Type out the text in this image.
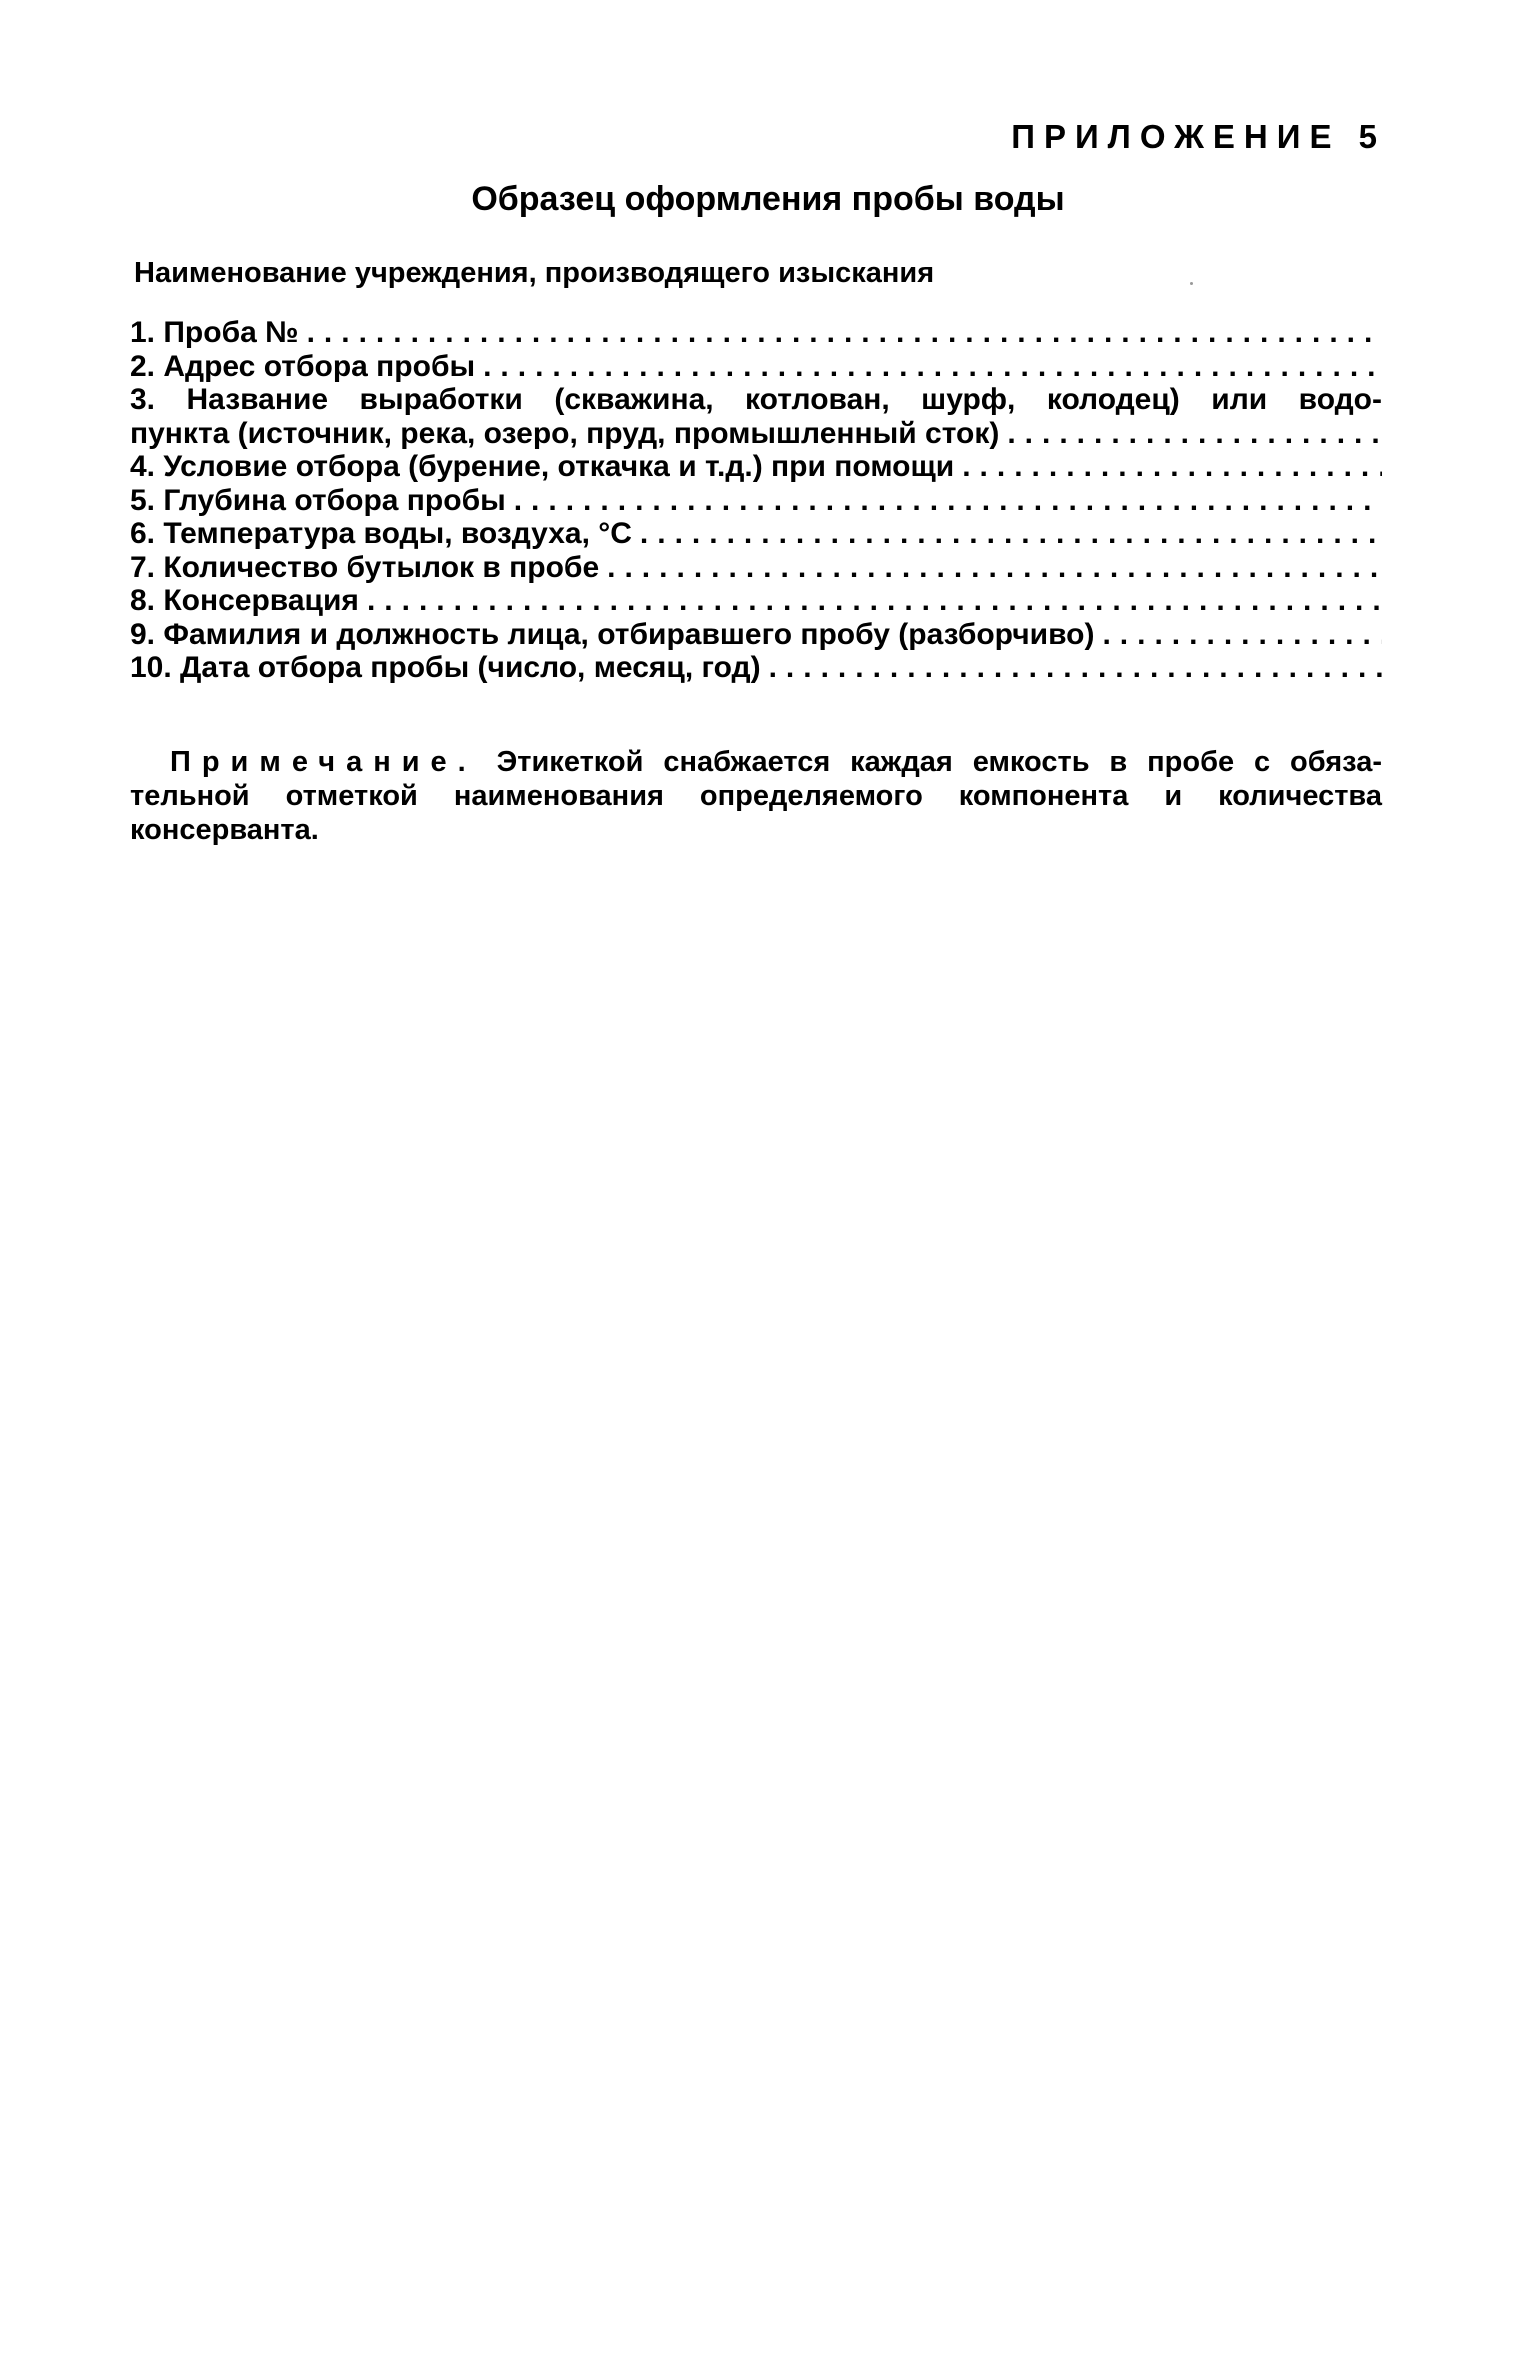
ПРИЛОЖЕНИЕ 5
Образец оформления пробы воды
Наименование учреждения, производящего изыскания
1. Проба №
.....
2. Адрес отбора пробы
.....
3. Название выработки (скважина, котлован, шурф, колодец) или водо-
пункта (источник, река, озеро, пруд, промышленный сток)
.....
4. Условие отбора (бурение, откачка и т.д.) при помощи
.....
5. Глубина отбора пробы
.....
6. Температура воды, воздуха, °С
.....
7. Количество бутылок в пробе
.....
8. Консервация
.....
9. Фамилия и должность лица, отбиравшего пробу (разборчиво)
.....
10. Дата отбора пробы (число, месяц, год)
.....
Примечание. Этикеткой снабжается каждая емкость в пробе с обяза-
тельной отметкой наименования определяемого компонента и количества
консерванта.
